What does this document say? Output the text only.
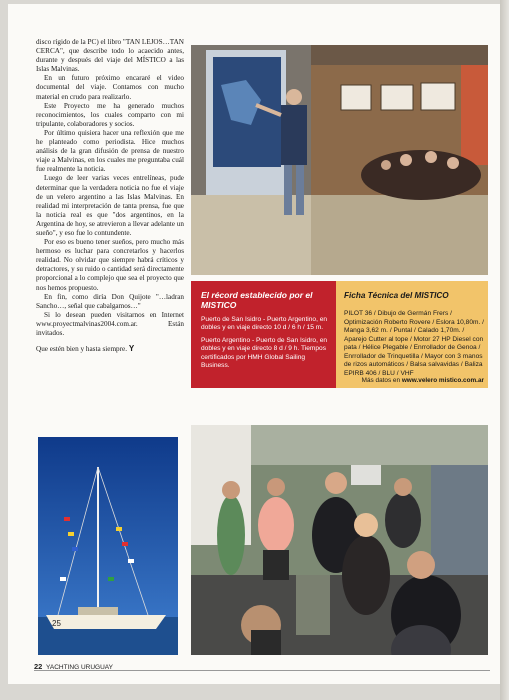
disco rígido de la PC) el libro "TAN LEJOS…TAN CERCA", que describe todo lo acaecido antes, durante y después del viaje del MÍSTICO a las Islas Malvinas.

En un futuro próximo encararé el video documental del viaje. Contamos con mucho material en crudo para realizarlo.

Este Proyecto me ha generado muchos reconocimientos, los cuales comparto con mi tripulante, colaboradores y socios.

Por último quisiera hacer una reflexión que me he planteado como periodista. Hice muchos análisis de la gran difusión de prensa de nuestro viaje a Malvinas, en los cuales me preguntaba cuál fue realmente la noticia.

Luego de leer varias veces entrelíneas, pude determinar que la verdadera noticia no fue el viaje de un velero argentino a las Islas Malvinas. En realidad mi interpretación de tanta prensa, fue que la noticia real es que "dos argentinos, en la Argentina de hoy, se atrevieron a llevar adelante un sueño", y eso fue lo contundente.

Por eso es bueno tener sueños, pero mucho más hermoso es luchar para concretarlos y hacerlos realidad. No olvidar que siempre habrá críticos y detractores, y su ruido o cantidad será directamente proporcional a lo complejo que sea el proyecto que nos hemos propuesto.

En fin, como diría Don Quijote "…ladran Sancho…, señal que cabalgamos…"

Si lo desean pueden visitarnos en Internet www.proyectmalvinas2004.com.ar. Están invitados.

Que estén bien y hasta siempre. Y

El récord establecido por el MISTICO

Puerto de San Isidro - Puerto Argentino, en dobles y en viaje directo 10 d / 6 h / 15 m.

Puerto Argentino - Puerto de San Isidro, en dobles y en viaje directo 8 d / 9 h. Tiempos certificados por HMH Global Sailing Business.

Ficha Técnica del MISTICO
PILOT 36 / Dibujo de Germán Frers / Optimización Roberto Rovere / Eslora 10,80m. / Manga 3,62 m. / Puntal / Calado 1,70m. / Aparejo Cutter al tope / Motor 27 HP Diesel con pata / Hélice Plegable / Enrrollador de Genoa / Enrrollador de Trinquetilla / Mayor con 3 manos de rizos automáticos / Balsa salvavidas / Baliza EPIRB 406 / BLU / VHF
Más datos en www.velero mistico.com.ar
25
22 YACHTING URUGUAY
